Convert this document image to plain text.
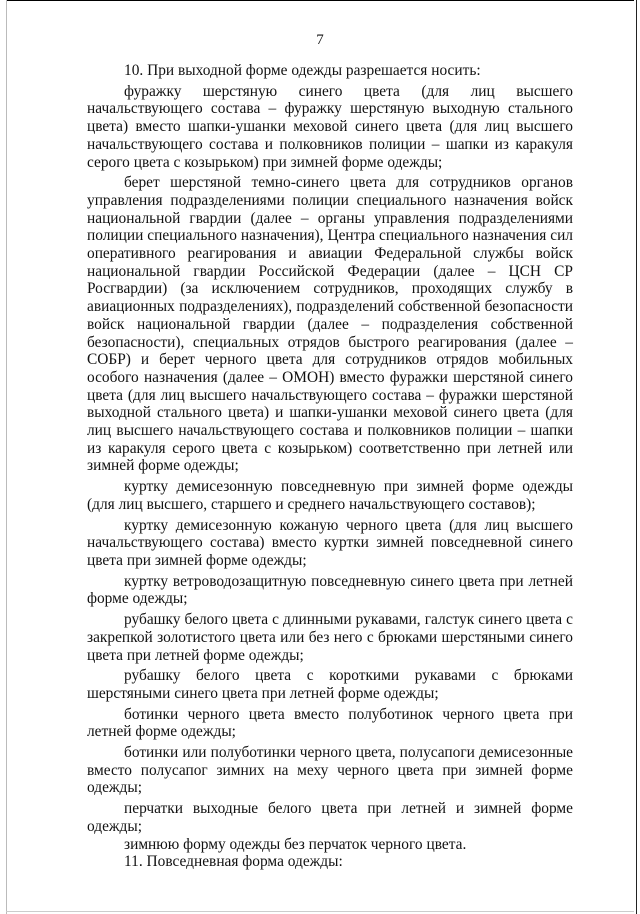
7

10. При выходной форме одежды разрешается носить:

фуражку шерстяную синего цвета (для лиц высшего начальствующего состава – фуражку шерстяную выходную стального цвета) вместо шапки-ушанки меховой синего цвета (для лиц высшего начальствующего состава и полковников полиции – шапки из каракуля серого цвета с козырьком) при зимней форме одежды;

берет шерстяной темно-синего цвета для сотрудников органов управления подразделениями полиции специального назначения войск национальной гвардии (далее – органы управления подразделениями полиции специального назначения), Центра специального назначения сил оперативного реагирования и авиации Федеральной службы войск национальной гвардии Российской Федерации (далее – ЦСН СР Росгвардии) (за исключением сотрудников, проходящих службу в авиационных подразделениях), подразделений собственной безопасности войск национальной гвардии (далее – подразделения собственной безопасности), специальных отрядов быстрого реагирования (далее – СОБР) и берет черного цвета для сотрудников отрядов мобильных особого назначения (далее – ОМОН) вместо фуражки шерстяной синего цвета (для лиц высшего начальствующего состава – фуражки шерстяной выходной стального цвета) и шапки-ушанки меховой синего цвета (для лиц высшего начальствующего состава и полковников полиции – шапки из каракуля серого цвета с козырьком) соответственно при летней или зимней форме одежды;

куртку демисезонную повседневную при зимней форме одежды (для лиц высшего, старшего и среднего начальствующего составов);

куртку демисезонную кожаную черного цвета (для лиц высшего начальствующего состава) вместо куртки зимней повседневной синего цвета при зимней форме одежды;

куртку ветроводозащитную повседневную синего цвета при летней форме одежды;

рубашку белого цвета с длинными рукавами, галстук синего цвета с закрепкой золотистого цвета или без него с брюками шерстяными синего цвета при летней форме одежды;

рубашку белого цвета с короткими рукавами с брюками шерстяными синего цвета при летней форме одежды;

ботинки черного цвета вместо полуботинок черного цвета при летней форме одежды;

ботинки или полуботинки черного цвета, полусапоги демисезонные вместо полусапог зимних на меху черного цвета при зимней форме одежды;

перчатки выходные белого цвета при летней и зимней форме одежды;

зимнюю форму одежды без перчаток черного цвета.

11. Повседневная форма одежды:
